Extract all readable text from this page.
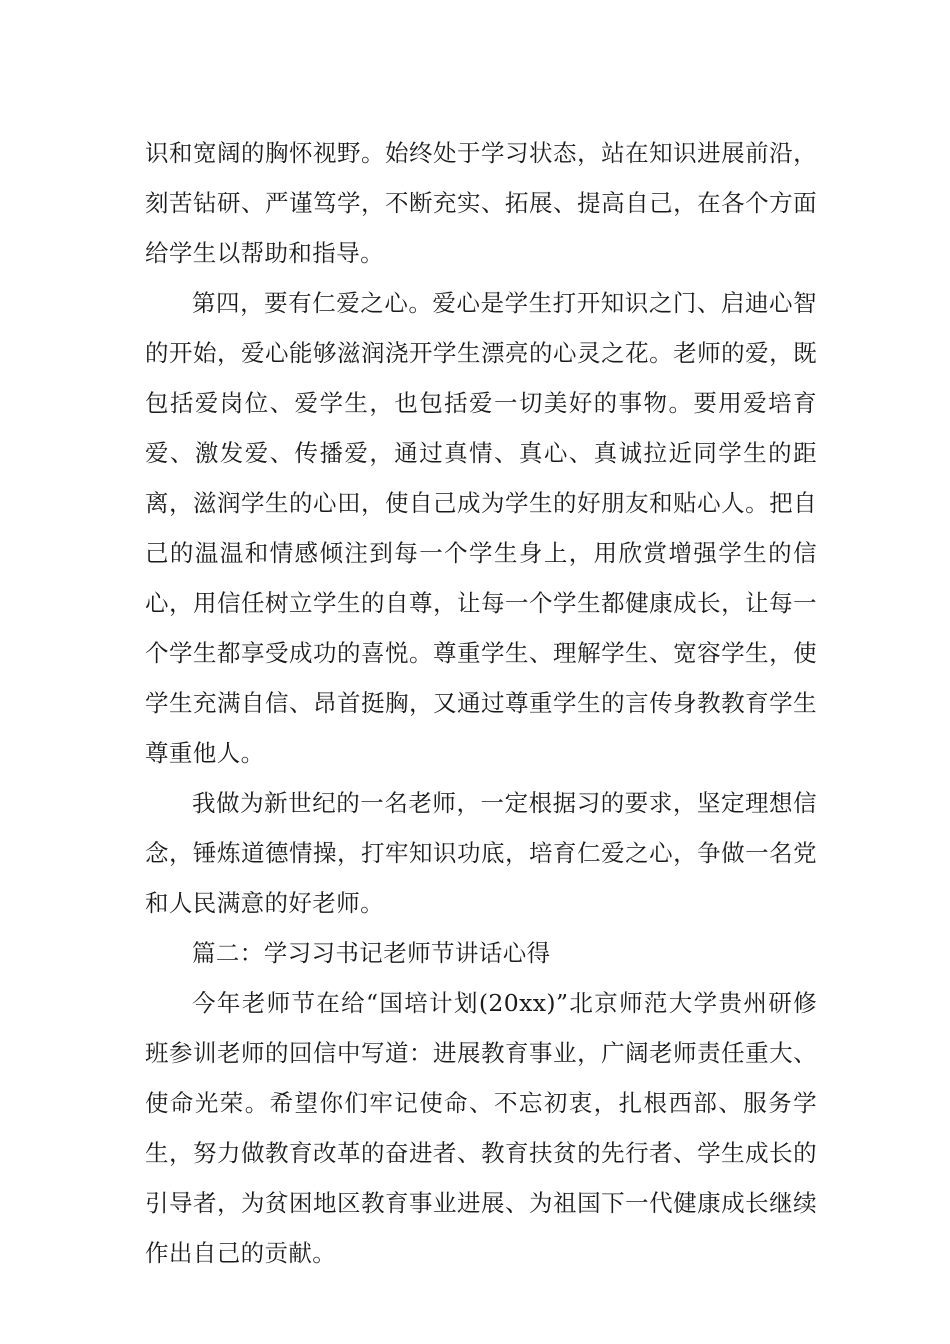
识和宽阔的胸怀视野。始终处于学习状态，站在知识进展前沿，刻苦钻研、严谨笃学，不断充实、拓展、提高自己，在各个方面给学生以帮助和指导。

第四，要有仁爱之心。爱心是学生打开知识之门、启迪心智的开始，爱心能够滋润浇开学生漂亮的心灵之花。老师的爱，既包括爱岗位、爱学生，也包括爱一切美好的事物。要用爱培育爱、激发爱、传播爱，通过真情、真心、真诚拉近同学生的距离，滋润学生的心田，使自己成为学生的好朋友和贴心人。把自己的温温和情感倾注到每一个学生身上，用欣赏增强学生的信心，用信任树立学生的自尊，让每一个学生都健康成长，让每一个学生都享受成功的喜悦。尊重学生、理解学生、宽容学生，使学生充满自信、昂首挺胸，又通过尊重学生的言传身教教育学生尊重他人。

我做为新世纪的一名老师，一定根据习的要求，坚定理想信念，锤炼道德情操，打牢知识功底，培育仁爱之心，争做一名党和人民满意的好老师。

篇二：学习习书记老师节讲话心得

今年老师节在给“国培计划(20xx)”北京师范大学贵州研修班参训老师的回信中写道：进展教育事业，广阔老师责任重大、使命光荣。希望你们牢记使命、不忘初衷，扎根西部、服务学生，努力做教育改革的奋进者、教育扶贫的先行者、学生成长的引导者，为贫困地区教育事业进展、为祖国下一代健康成长继续作出自己的贡献。
